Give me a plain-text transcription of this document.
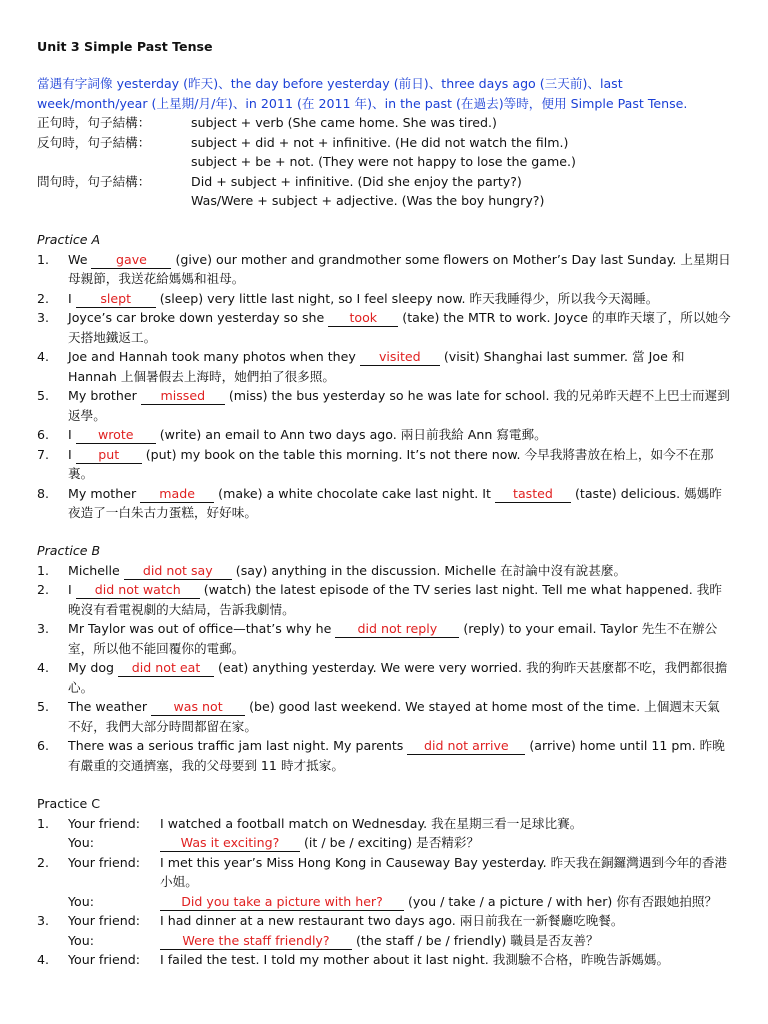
Unit 3 Simple Past Tense
當遇有字詞像 yesterday (昨天)、the day before yesterday (前日)、three days ago (三天前)、last week/month/year (上星期/月/年)、in 2011 (在 2011 年)、in the past (在過去)等時，便用 Simple Past Tense.
正句時，句子結構：	subject + verb (She came home. She was tired.)
反句時，句子結構：	subject + did + not + infinitive. (He did not watch the film.)
subject + be + not. (They were not happy to lose the game.)
問句時，句子結構：	Did + subject + infinitive. (Did she enjoy the party?)
Was/Were + subject + adjective. (Was the boy hungry?)
Practice A
1.	We gave (give) our mother and grandmother some flowers on Mother’s Day last Sunday. 上星期日母親節，我送花給媽媽和祖母。
2.	I slept (sleep) very little last night, so I feel sleepy now. 昨天我睡得少，所以我今天渴睡。
3.	Joyce’s car broke down yesterday so she took (take) the MTR to work. Joyce 的車昨天壞了，所以她今天搭地鐵返工。
4.	Joe and Hannah took many photos when they visited (visit) Shanghai last summer. 當 Joe 和 Hannah 上個暑假去上海時，她們拍了很多照。
5.	My brother missed (miss) the bus yesterday so he was late for school. 我的兄弟昨天趕不上巴士而遲到返學。
6.	I wrote (write) an email to Ann two days ago. 兩日前我給 Ann 寫電郵。
7.	I put (put) my book on the table this morning. It’s not there now. 今早我將書放在枱上，如今不在那裏。
8.	My mother made (make) a white chocolate cake last night. It tasted (taste) delicious. 媽媽昨夜造了一白朱古力蛋糕，好好味。
Practice B
1.	Michelle did not say (say) anything in the discussion. Michelle 在討論中沒有說甚麼。
2.	I did not watch (watch) the latest episode of the TV series last night. Tell me what happened. 我昨晚沒有看電視劇的大結局，告訴我劇情。
3.	Mr Taylor was out of office—that’s why he did not reply (reply) to your email. Taylor 先生不在辦公室，所以他不能回覆你的電郵。
4.	My dog did not eat (eat) anything yesterday. We were very worried. 我的狗昨天甚麼都不吃，我們都很擔心。
5.	The weather was not (be) good last weekend. We stayed at home most of the time. 上個週末天氣不好，我們大部分時間都留在家。
6.	There was a serious traffic jam last night. My parents did not arrive (arrive) home until 11 pm. 昨晚有嚴重的交通擠塞，我的父母要到 11 時才抵家。
Practice C
1.	Your friend:	I watched a football match on Wednesday. 我在星期三看一足球比賽。
You:	Was it exciting? (it / be / exciting) 是否精彩？
2.	Your friend:	I met this year’s Miss Hong Kong in Causeway Bay yesterday. 昨天我在銅鑼灣遇到今年的香港小姐。
You:	Did you take a picture with her? (you / take / a picture / with her) 你有否跟她拍照？
3.	Your friend:	I had dinner at a new restaurant two days ago. 兩日前我在一新餐廳吃晚餐。
You:	Were the staff friendly? (the staff / be / friendly) 職員是否友善？
4.	Your friend:	I failed the test. I told my mother about it last night. 我測驗不合格，昨晚告訴媽媽。
